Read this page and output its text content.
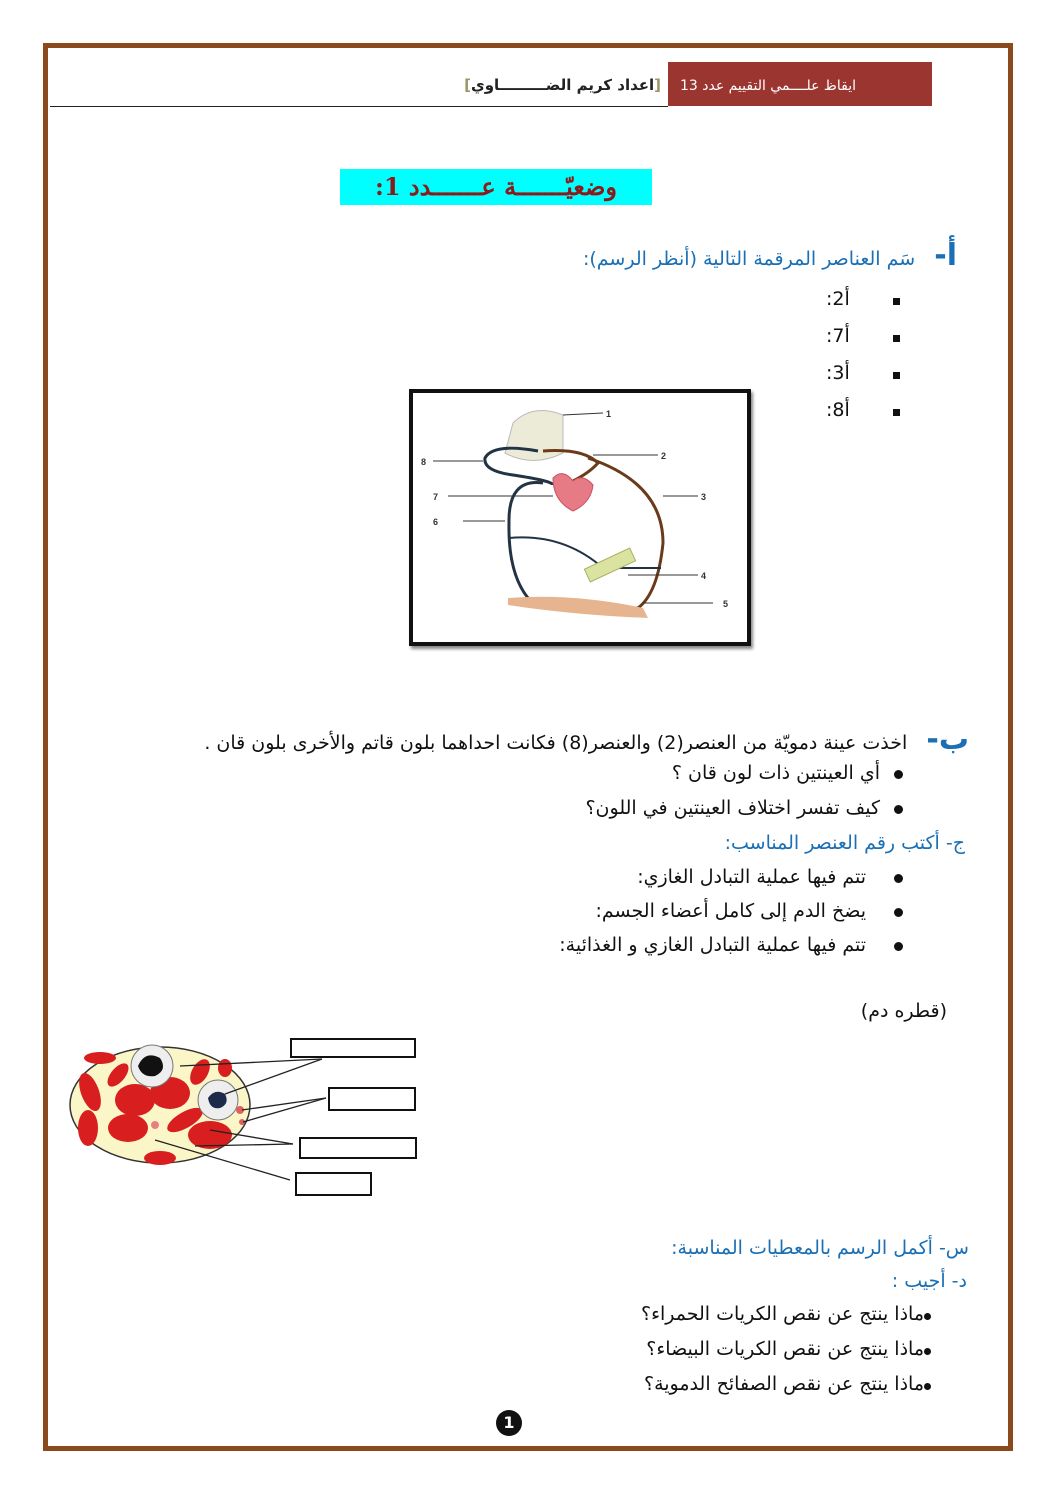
ايقاظ علــــمي التقييم عدد 13
[اعداد كريم الضـــــــــاوي]
وضعيّـــــــة عـــــــدد 1:
أ- سَم العناصر المرقمة التالية (أنظر الرسم):
:2أ
:7أ
:3أ
:8أ
1
2
3
4
5
6
7
8
ب- اخذت عينة دمويّة من العنصر(2) والعنصر(8) فكانت احداهما بلون قاتم والأخرى بلون قان .
أي العينتين ذات لون قان ؟
كيف تفسر اختلاف العينتين في اللون؟
ج- أكتب رقم العنصر المناسب:
تتم فيها عملية التبادل الغازي:
يضخ الدم إلى كامل أعضاء الجسم:
تتم فيها عملية التبادل الغازي و الغذائية:
(قطره دم)
س- أكمل الرسم بالمعطيات المناسبة:
د- أجيب :
ماذا ينتج عن نقص الكريات الحمراء؟
ماذا ينتج عن نقص الكريات البيضاء؟
ماذا ينتج عن نقص الصفائح الدموية؟
1
